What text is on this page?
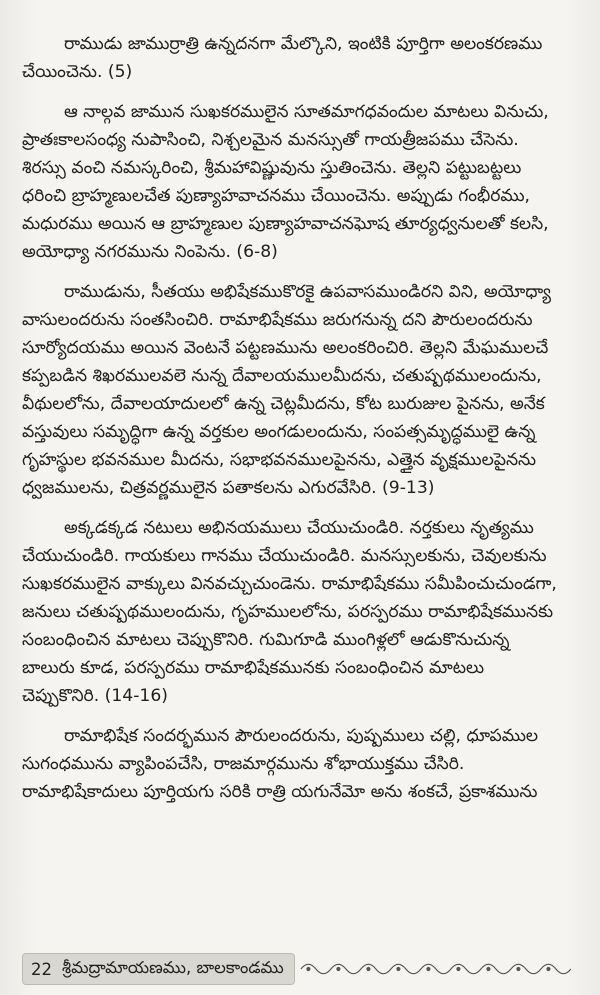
రాముడు జాముర్రాత్రి ఉన్నదనగా మేల్కొని, ఇంటికి పూర్తిగా అలంకరణము
చేయించెను. (5)
ఆ నాల్గవ జామున సుఖకరములైన సూతమాగధవందుల మాటలు వినుచు,
ప్రాతఃకాలసంధ్య నుపాసించి, నిశ్చలమైన మనస్సుతో గాయత్రీజపము చేసెను.
శిరస్సు వంచి నమస్కరించి, శ్రీమహావిష్ణువును స్తుతించెను. తెల్లని పట్టుబట్టలు
ధరించి బ్రాహ్మణులచేత పుణ్యాహవాచనము చేయించెను. అప్పుడు గంభీరము,
మధురము అయిన ఆ బ్రాహ్మణుల పుణ్యాహవాచనఘోష తూర్యధ్వనులతో కలసి,
అయోధ్యా నగరమును నింపెను. (6-8)
రాముడును, సీతయు అభిషేకముకొరకై ఉపవాసముండిరని విని, అయోధ్యా
వాసులందరును సంతసించిరి. రామాభిషేకము జరుగనున్న దని పౌరులందరును
సూర్యోదయము అయిన వెంటనే పట్టణమును అలంకరించిరి. తెల్లని మేఘములచే
కప్పబడిన శిఖరములవలె నున్న దేవాలయములమీదను, చతుష్పథములందును,
వీథులలోను, దేవాలయాదులలో ఉన్న చెట్లమీదను, కోట బురుజుల పైనను, అనేక
వస్తువులు సమృద్ధిగా ఉన్న వర్తకుల అంగడులందును, సంపత్సమృద్ధములై ఉన్న
గృహస్థుల భవనముల మీదను, సభాభవనములపైనను, ఎత్తైన వృక్షములపైనను
ధ్వజములను, చిత్రవర్ణములైన పతాకలను ఎగురవేసిరి. (9-13)
అక్కడక్కడ నటులు అభినయములు చేయుచుండిరి. నర్తకులు నృత్యము
చేయుచుండిరి. గాయకులు గానము చేయుచుండిరి. మనస్సులకును, చెవులకును
సుఖకరములైన వాక్కులు వినవచ్చుచుండెను. రామాభిషేకము సమీపించుచుండగా,
జనులు చతుష్పథములందును, గృహములలోను, పరస్పరము రామాభిషేకమునకు
సంబంధించిన మాటలు చెప్పుకొనిరి. గుమిగూడి ముంగిళ్లలో ఆడుకొనుచున్న
బాలురు కూడ, పరస్పరము రామాభిషేకమునకు సంబంధించిన మాటలు
చెప్పుకొనిరి. (14-16)
రామాభిషేక సందర్భమున పౌరులందరును, పుష్పములు చల్లి, ధూపముల
సుగంధమును వ్యాపింపచేసి, రాజమార్గమును శోభాయుక్తము చేసిరి.
రామాభిషేకాదులు పూర్తియగు సరికి రాత్రి యగునేమో అను శంకచే, ప్రకాశమును
22 శ్రీమద్రామాయణము, బాలకాండము
